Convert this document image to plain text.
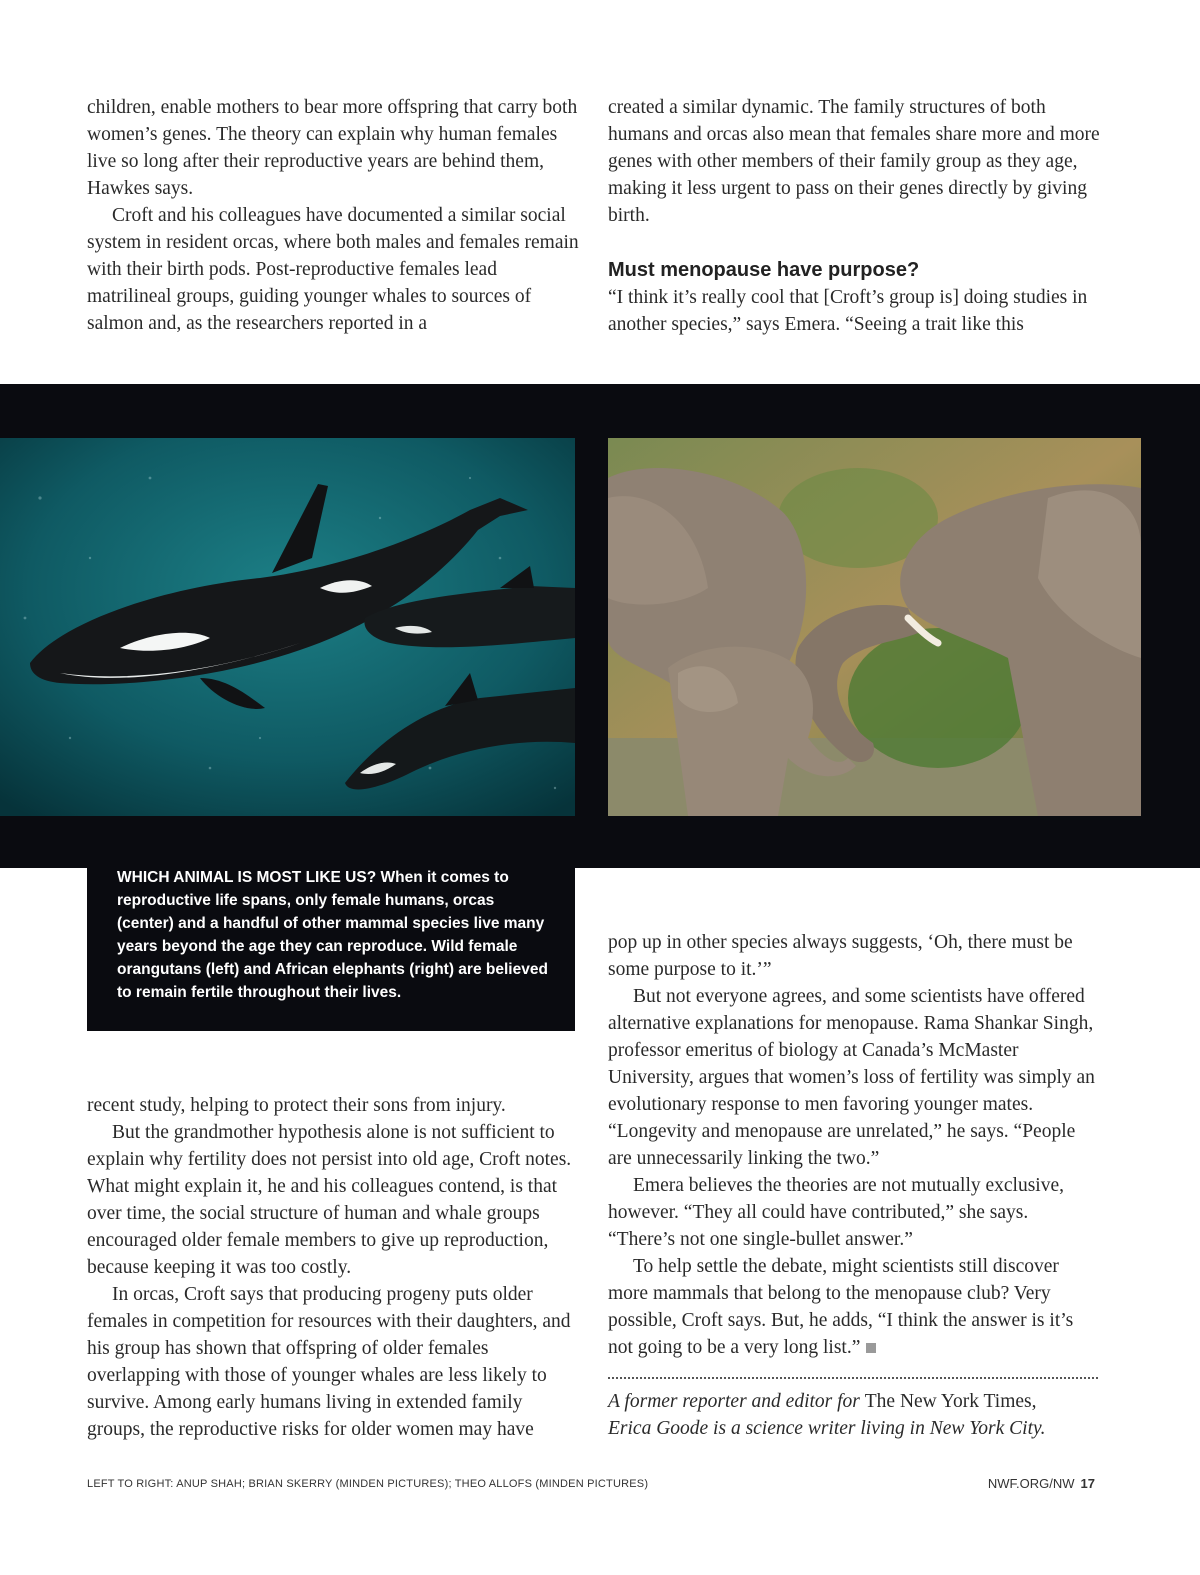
children, enable mothers to bear more offspring that carry both women’s genes. The theory can explain why human females live so long after their reproductive years are behind them, Hawkes says.

Croft and his colleagues have documented a similar social system in resident orcas, where both males and females remain with their birth pods. Post-reproductive females lead matrilineal groups, guiding younger whales to sources of salmon and, as the researchers reported in a

created a similar dynamic. The family structures of both humans and orcas also mean that females share more and more genes with other members of their family group as they age, making it less urgent to pass on their genes directly by giving birth.

Must menopause have purpose?

“I think it’s really cool that [Croft’s group is] doing studies in another species,” says Emera. “Seeing a trait like this

WHICH ANIMAL IS MOST LIKE US? When it comes to reproductive life spans, only female humans, orcas (center) and a handful of other mammal species live many years beyond the age they can reproduce. Wild female orangutans (left) and African elephants (right) are believed to remain fertile throughout their lives.

recent study, helping to protect their sons from injury.

But the grandmother hypothesis alone is not sufficient to explain why fertility does not persist into old age, Croft notes. What might explain it, he and his colleagues contend, is that over time, the social structure of human and whale groups encouraged older female members to give up reproduction, because keeping it was too costly.

In orcas, Croft says that producing progeny puts older females in competition for resources with their daughters, and his group has shown that offspring of older females overlapping with those of younger whales are less likely to survive. Among early humans living in extended family groups, the reproductive risks for older women may have

pop up in other species always suggests, ‘Oh, there must be some purpose to it.’”

But not everyone agrees, and some scientists have offered alternative explanations for menopause. Rama Shankar Singh, professor emeritus of biology at Canada’s McMaster University, argues that women’s loss of fertility was simply an evolutionary response to men favoring younger mates. “Longevity and menopause are unrelated,” he says. “People are unnecessarily linking the two.”

Emera believes the theories are not mutually exclusive, however. “They all could have contributed,” she says. “There’s not one single-bullet answer.”

To help settle the debate, might scientists still discover more mammals that belong to the menopause club? Very possible, Croft says. But, he adds, “I think the answer is it’s not going to be a very long list.”

A former reporter and editor for The New York Times,
Erica Goode is a science writer living in New York City.
LEFT TO RIGHT: ANUP SHAH; BRIAN SKERRY (MINDEN PICTURES); THEO ALLOFS (MINDEN PICTURES)	NWF.ORG/NW 17
